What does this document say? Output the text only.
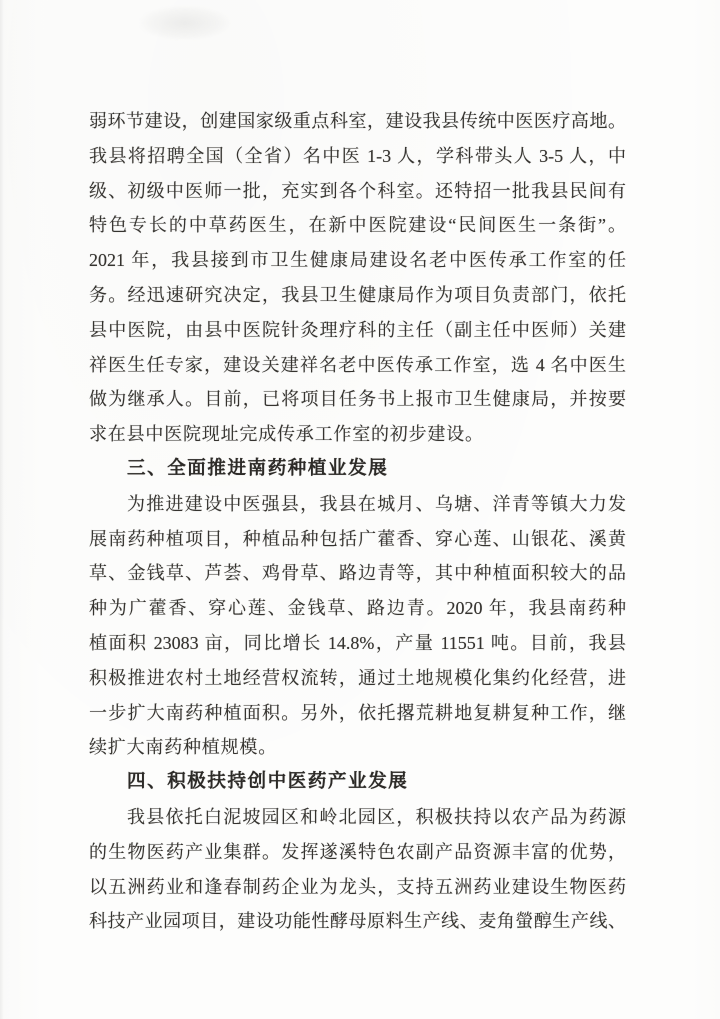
弱环节建设，创建国家级重点科室，建设我县传统中医医疗高地。
我县将招聘全国（全省）名中医 1-3 人，学科带头人 3-5 人，中
级、初级中医师一批，充实到各个科室。还特招一批我县民间有
特色专长的中草药医生，在新中医院建设“民间医生一条街”。
2021 年，我县接到市卫生健康局建设名老中医传承工作室的任
务。经迅速研究决定，我县卫生健康局作为项目负责部门，依托
县中医院，由县中医院针灸理疗科的主任（副主任中医师）关建
祥医生任专家，建设关建祥名老中医传承工作室，选 4 名中医生
做为继承人。目前，已将项目任务书上报市卫生健康局，并按要
求在县中医院现址完成传承工作室的初步建设。
三、全面推进南药种植业发展
为推进建设中医强县，我县在城月、乌塘、洋青等镇大力发
展南药种植项目，种植品种包括广藿香、穿心莲、山银花、溪黄
草、金钱草、芦荟、鸡骨草、路边青等，其中种植面积较大的品
种为广藿香、穿心莲、金钱草、路边青。2020 年，我县南药种
植面积 23083 亩，同比增长 14.8%，产量 11551 吨。目前，我县
积极推进农村土地经营权流转，通过土地规模化集约化经营，进
一步扩大南药种植面积。另外，依托撂荒耕地复耕复种工作，继
续扩大南药种植规模。
四、积极扶持创中医药产业发展
我县依托白泥坡园区和岭北园区，积极扶持以农产品为药源
的生物医药产业集群。发挥遂溪特色农副产品资源丰富的优势，
以五洲药业和逢春制药企业为龙头，支持五洲药业建设生物医药
科技产业园项目，建设功能性酵母原料生产线、麦角螢醇生产线、
